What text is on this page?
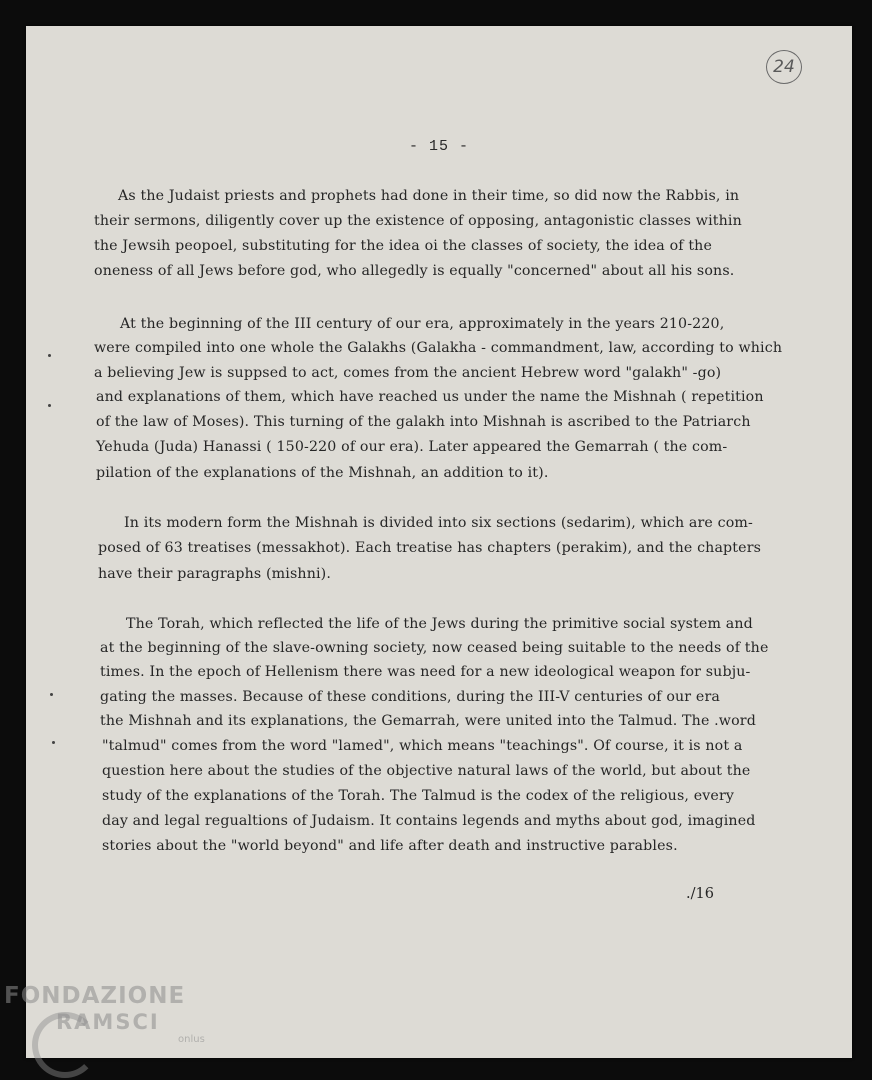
24
- 15 -
As the Judaist priests and prophets had done in their time, so did now the Rabbis, in
their sermons, diligently cover up the existence of opposing, antagonistic classes within
the Jewsih peopoel, substituting for the idea oi the classes of society, the idea of the
oneness of all Jews before god, who allegedly is equally "concerned" about all his sons.
At the beginning of the III century of our era, approximately in the years 210-220,
were compiled into one whole the Galakhs (Galakha - commandment, law, according to which
a believing Jew is suppsed to act, comes from the ancient Hebrew word "galakh" -go)
and explanations of them, which have reached us under the name the Mishnah ( repetition
of the law of Moses). This turning of the galakh into Mishnah is ascribed to the Patriarch
Yehuda (Juda) Hanassi ( 150-220 of our era). Later appeared the Gemarrah ( the com-
pilation of the explanations of the Mishnah, an addition to it).
In its modern form the Mishnah is divided into six sections (sedarim), which are com-
posed of 63 treatises (messakhot). Each treatise has chapters (perakim), and the chapters
have their paragraphs (mishni).
The Torah, which reflected the life of the Jews during the primitive social system and
at the beginning of the slave-owning society, now ceased being suitable to the needs of the
times. In the epoch of Hellenism there was need for a new ideological weapon for subju-
gating the masses. Because of these conditions, during the III-V centuries of our era
the Mishnah and its explanations, the Gemarrah, were united into the Talmud. The .word
"talmud" comes from the word "lamed", which means "teachings". Of course, it is not a
question here about the studies of the objective natural laws of the world, but about the
study of the explanations of the Torah. The Talmud is the codex of the religious, every
day and legal regualtions of Judaism. It contains legends and myths about god, imagined
stories about the "world beyond" and life after death and instructive parables.
./16
FONDAZIONE
RAMSCI
onlus
